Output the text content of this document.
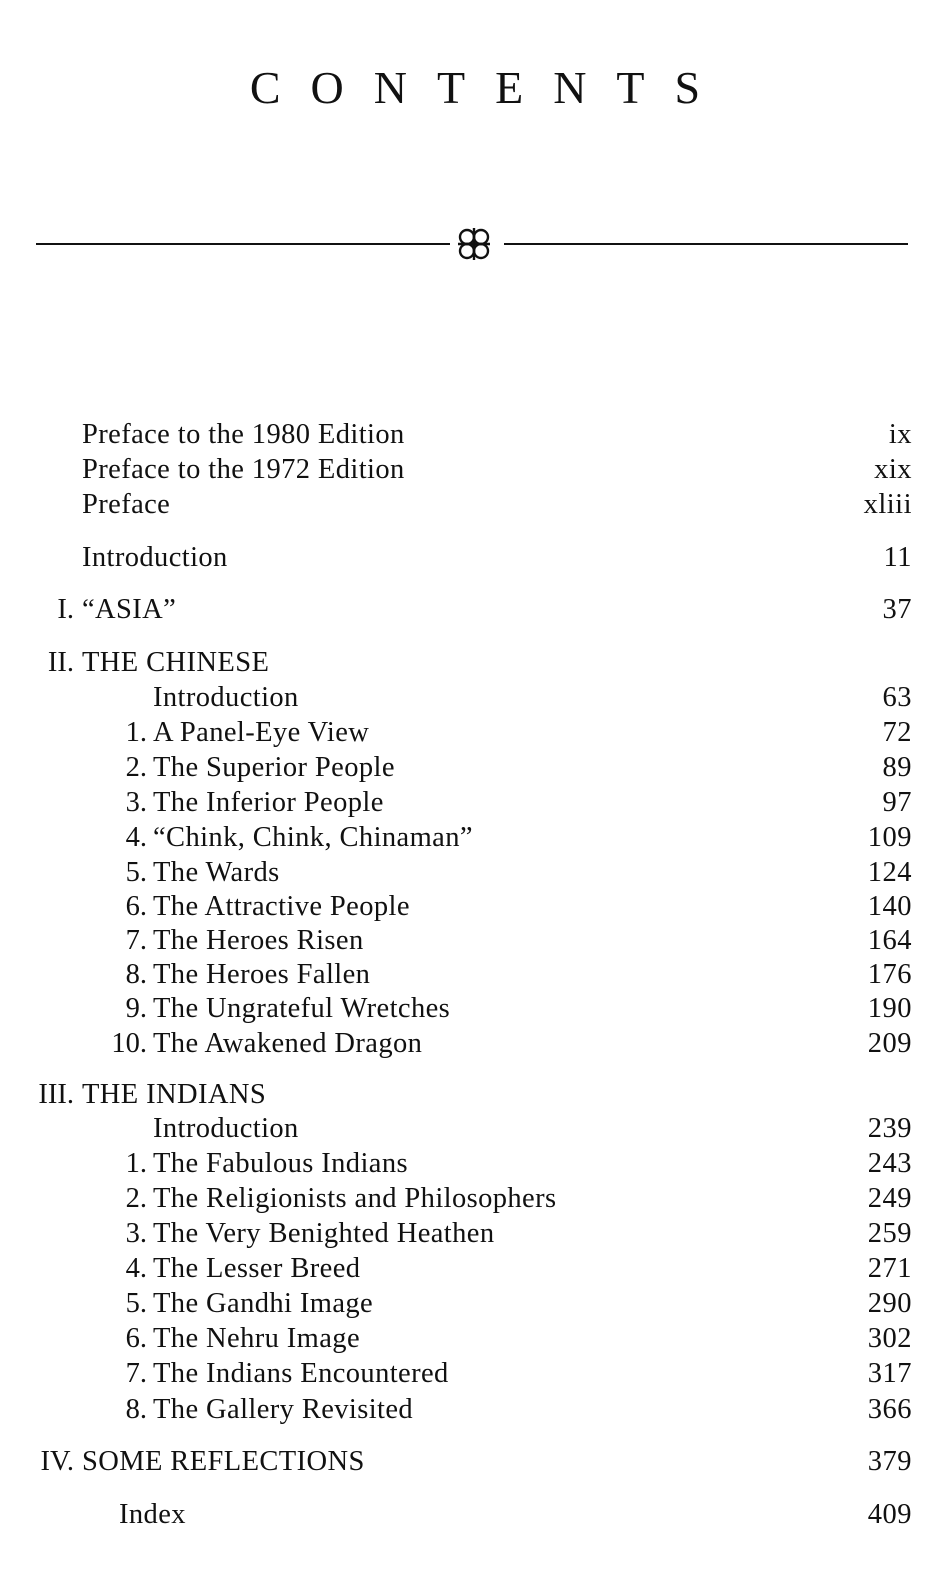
CONTENTS
Preface to the 1980 Edition	ix
Preface to the 1972 Edition	xix
Preface	xliii
Introduction	11
I. “ASIA”	37
II. THE CHINESE
Introduction	63
1. A Panel-Eye View	72
2. The Superior People	89
3. The Inferior People	97
4. “Chink, Chink, Chinaman”	109
5. The Wards	124
6. The Attractive People	140
7. The Heroes Risen	164
8. The Heroes Fallen	176
9. The Ungrateful Wretches	190
10. The Awakened Dragon	209
III. THE INDIANS
Introduction	239
1. The Fabulous Indians	243
2. The Religionists and Philosophers	249
3. The Very Benighted Heathen	259
4. The Lesser Breed	271
5. The Gandhi Image	290
6. The Nehru Image	302
7. The Indians Encountered	317
8. The Gallery Revisited	366
IV. SOME REFLECTIONS	379
Index	409
